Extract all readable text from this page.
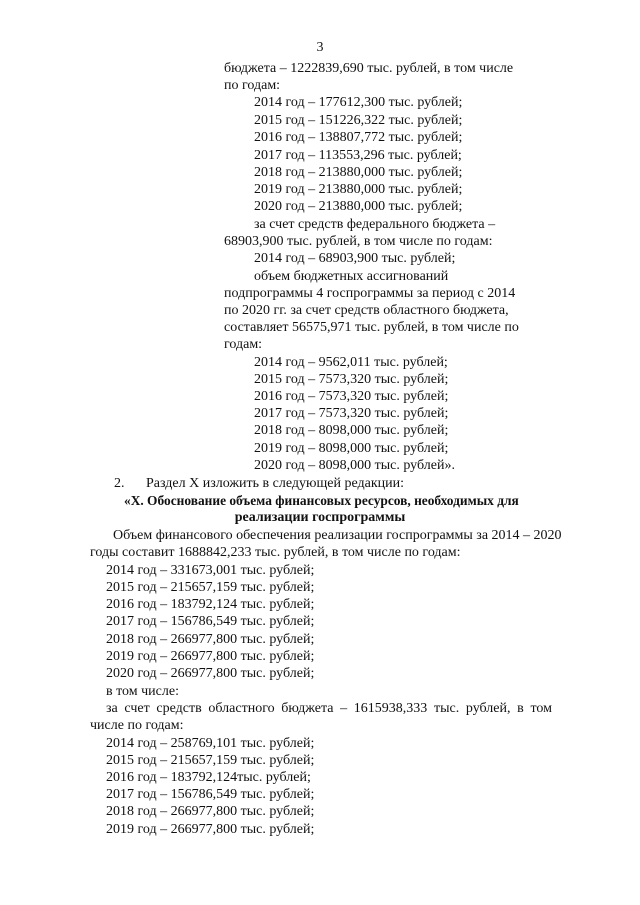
3
бюджета – 1222839,690 тыс. рублей, в том числе
по годам:
2014 год – 177612,300 тыс. рублей;
2015 год – 151226,322 тыс. рублей;
2016 год – 138807,772 тыс. рублей;
2017 год – 113553,296 тыс. рублей;
2018 год – 213880,000 тыс. рублей;
2019 год – 213880,000 тыс. рублей;
2020 год – 213880,000 тыс. рублей;
за счет средств федерального бюджета –
68903,900 тыс. рублей, в том числе по годам:
2014 год – 68903,900 тыс. рублей;
объем бюджетных ассигнований
подпрограммы 4 госпрограммы за период с 2014
по 2020 гг. за счет средств областного бюджета,
составляет 56575,971 тыс. рублей, в том числе по
годам:
2014 год – 9562,011 тыс. рублей;
2015 год – 7573,320 тыс. рублей;
2016 год – 7573,320 тыс. рублей;
2017 год – 7573,320 тыс. рублей;
2018 год – 8098,000 тыс. рублей;
2019 год – 8098,000 тыс. рублей;
2020 год – 8098,000 тыс. рублей».
2. Раздел X изложить в следующей редакции:
«X. Обоснование объема финансовых ресурсов, необходимых для
реализации госпрограммы
Объем финансового обеспечения реализации госпрограммы за 2014 – 2020
годы составит 1688842,233 тыс. рублей, в том числе по годам:
2014 год – 331673,001 тыс. рублей;
2015 год – 215657,159 тыс. рублей;
2016 год – 183792,124 тыс. рублей;
2017 год – 156786,549 тыс. рублей;
2018 год – 266977,800 тыс. рублей;
2019 год – 266977,800 тыс. рублей;
2020 год – 266977,800 тыс. рублей;
в том числе:
за счет средств областного бюджета – 1615938,333 тыс. рублей, в том
числе по годам:
2014 год – 258769,101 тыс. рублей;
2015 год – 215657,159 тыс. рублей;
2016 год – 183792,124тыс. рублей;
2017 год – 156786,549 тыс. рублей;
2018 год – 266977,800 тыс. рублей;
2019 год – 266977,800 тыс. рублей;
